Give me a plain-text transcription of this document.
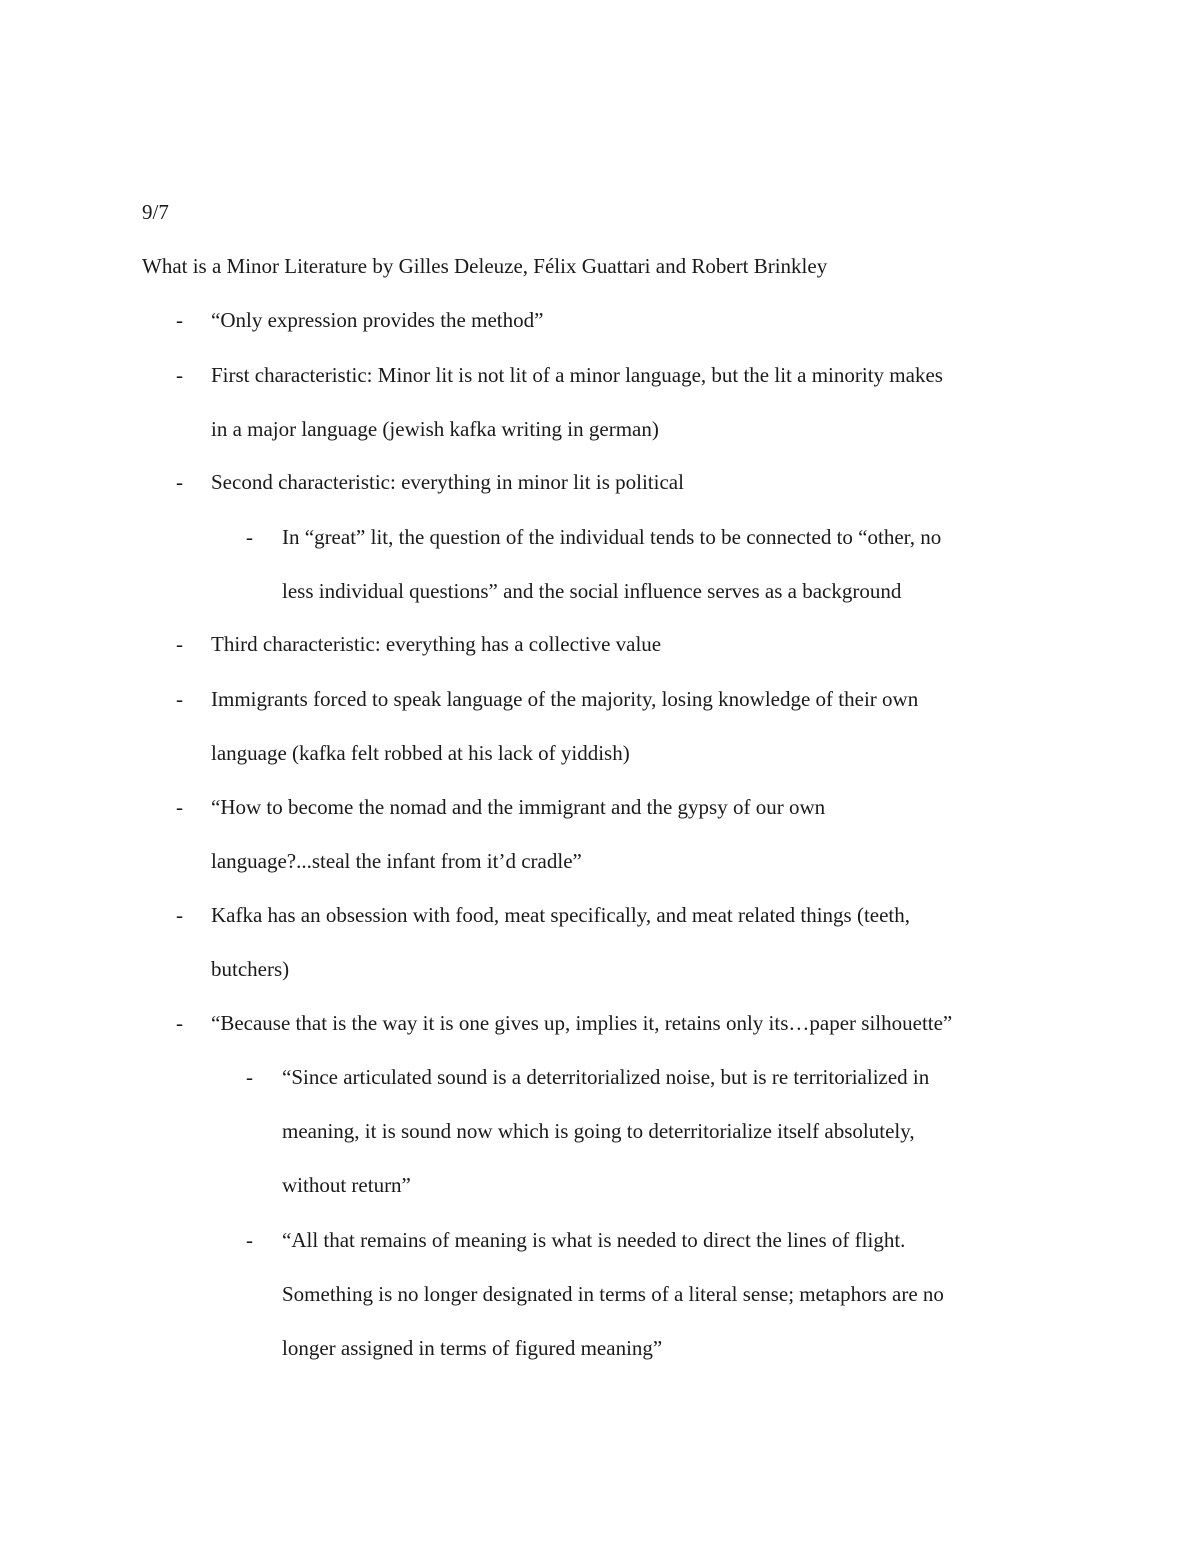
9/7
What is a Minor Literature by Gilles Deleuze, Félix Guattari and Robert Brinkley
- “Only expression provides the method”
- First characteristic: Minor lit is not lit of a minor language, but the lit a minority makes
in a major language (jewish kafka writing in german)
- Second characteristic: everything in minor lit is political
- In “great” lit, the question of the individual tends to be connected to “other, no
less individual questions” and the social influence serves as a background
- Third characteristic: everything has a collective value
- Immigrants forced to speak language of the majority, losing knowledge of their own
language (kafka felt robbed at his lack of yiddish)
- “How to become the nomad and the immigrant and the gypsy of our own
language?...steal the infant from it’d cradle”
- Kafka has an obsession with food, meat specifically, and meat related things (teeth,
butchers)
- “Because that is the way it is one gives up, implies it, retains only its…paper silhouette”
- “Since articulated sound is a deterritorialized noise, but is re territorialized in
meaning, it is sound now which is going to deterritorialize itself absolutely,
without return”
- “All that remains of meaning is what is needed to direct the lines of flight.
Something is no longer designated in terms of a literal sense; metaphors are no
longer assigned in terms of figured meaning”
